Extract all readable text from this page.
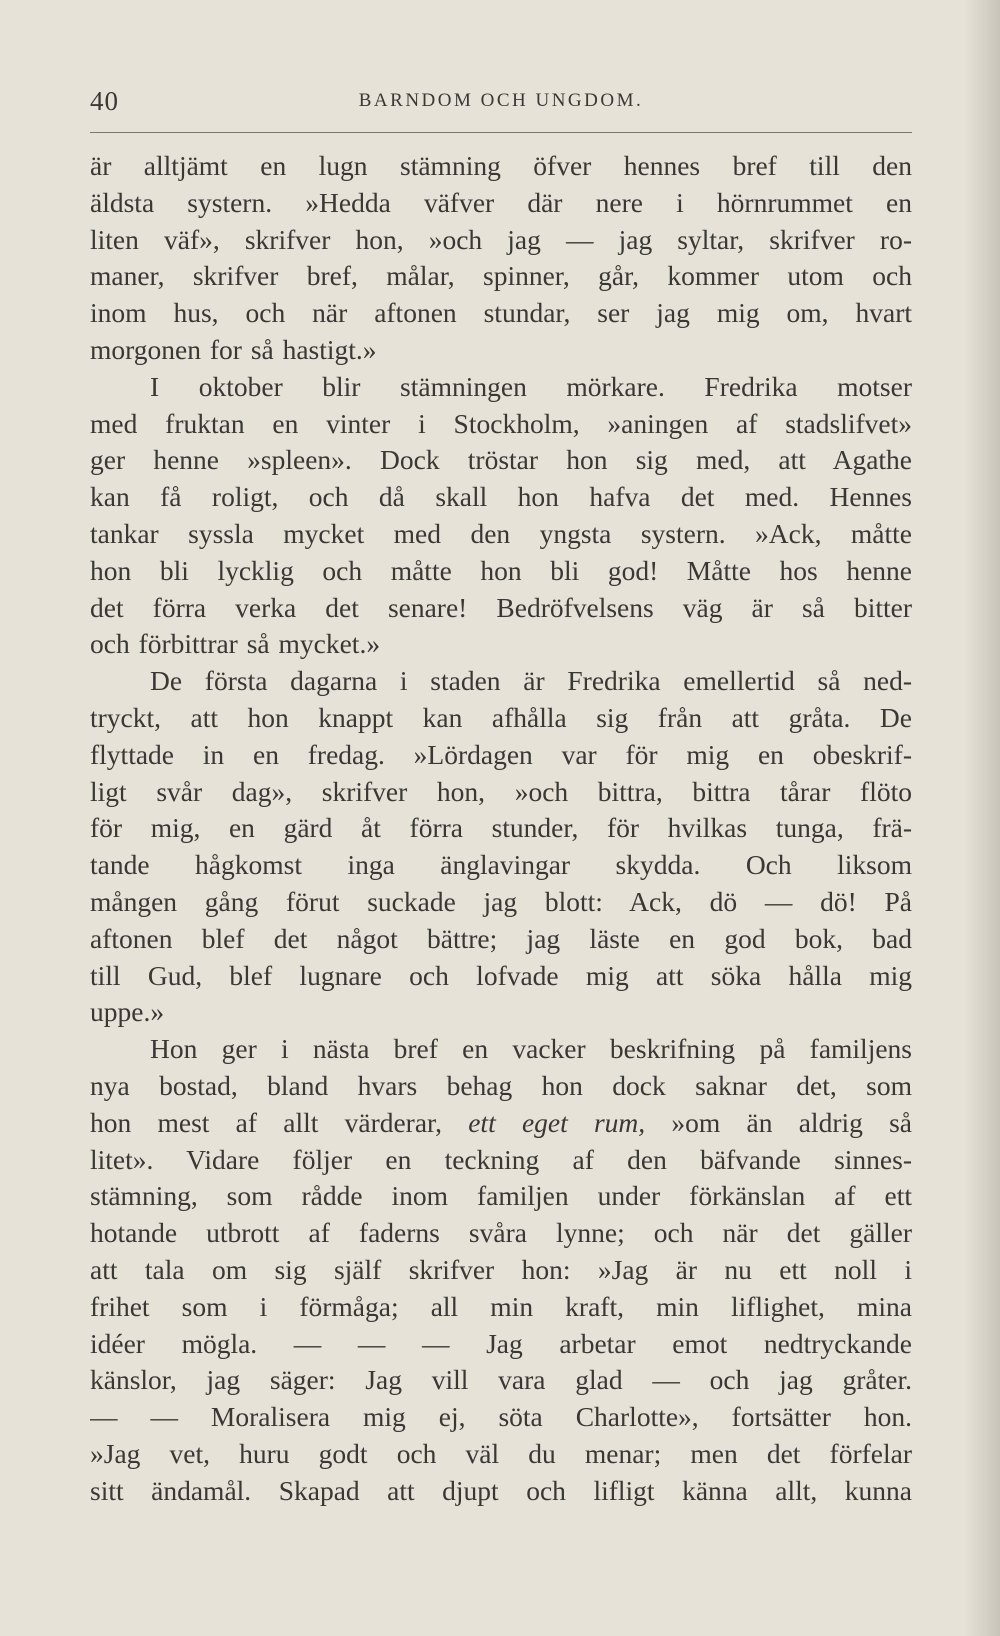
40	BARNDOM OCH UNGDOM.
är alltjämt en lugn stämning öfver hennes bref till den
äldsta systern. »Hedda väfver där nere i hörnrummet en
liten väf», skrifver hon, »och jag — jag syltar, skrifver ro-
maner, skrifver bref, målar, spinner, går, kommer utom och
inom hus, och när aftonen stundar, ser jag mig om, hvart
morgonen for så hastigt.»
I oktober blir stämningen mörkare. Fredrika motser
med fruktan en vinter i Stockholm, »aningen af stadslifvet»
ger henne »spleen». Dock tröstar hon sig med, att Agathe
kan få roligt, och då skall hon hafva det med. Hennes
tankar syssla mycket med den yngsta systern. »Ack, måtte
hon bli lycklig och måtte hon bli god! Måtte hos henne
det förra verka det senare! Bedröfvelsens väg är så bitter
och förbittrar så mycket.»
De första dagarna i staden är Fredrika emellertid så ned-
tryckt, att hon knappt kan afhålla sig från att gråta. De
flyttade in en fredag. »Lördagen var för mig en obeskrif-
ligt svår dag», skrifver hon, »och bittra, bittra tårar flöto
för mig, en gärd åt förra stunder, för hvilkas tunga, frä-
tande hågkomst inga änglavingar skydda. Och liksom
mången gång förut suckade jag blott: Ack, dö — dö! På
aftonen blef det något bättre; jag läste en god bok, bad
till Gud, blef lugnare och lofvade mig att söka hålla mig
uppe.»
Hon ger i nästa bref en vacker beskrifning på familjens
nya bostad, bland hvars behag hon dock saknar det, som
hon mest af allt värderar, ett eget rum, »om än aldrig så
litet». Vidare följer en teckning af den bäfvande sinnes-
stämning, som rådde inom familjen under förkänslan af ett
hotande utbrott af faderns svåra lynne; och när det gäller
att tala om sig själf skrifver hon: »Jag är nu ett noll i
frihet som i förmåga; all min kraft, min liflighet, mina
idéer mögla. — — — Jag arbetar emot nedtryckande
känslor, jag säger: Jag vill vara glad — och jag gråter.
— — Moralisera mig ej, söta Charlotte», fortsätter hon.
»Jag vet, huru godt och väl du menar; men det förfelar
sitt ändamål. Skapad att djupt och lifligt känna allt, kunna
